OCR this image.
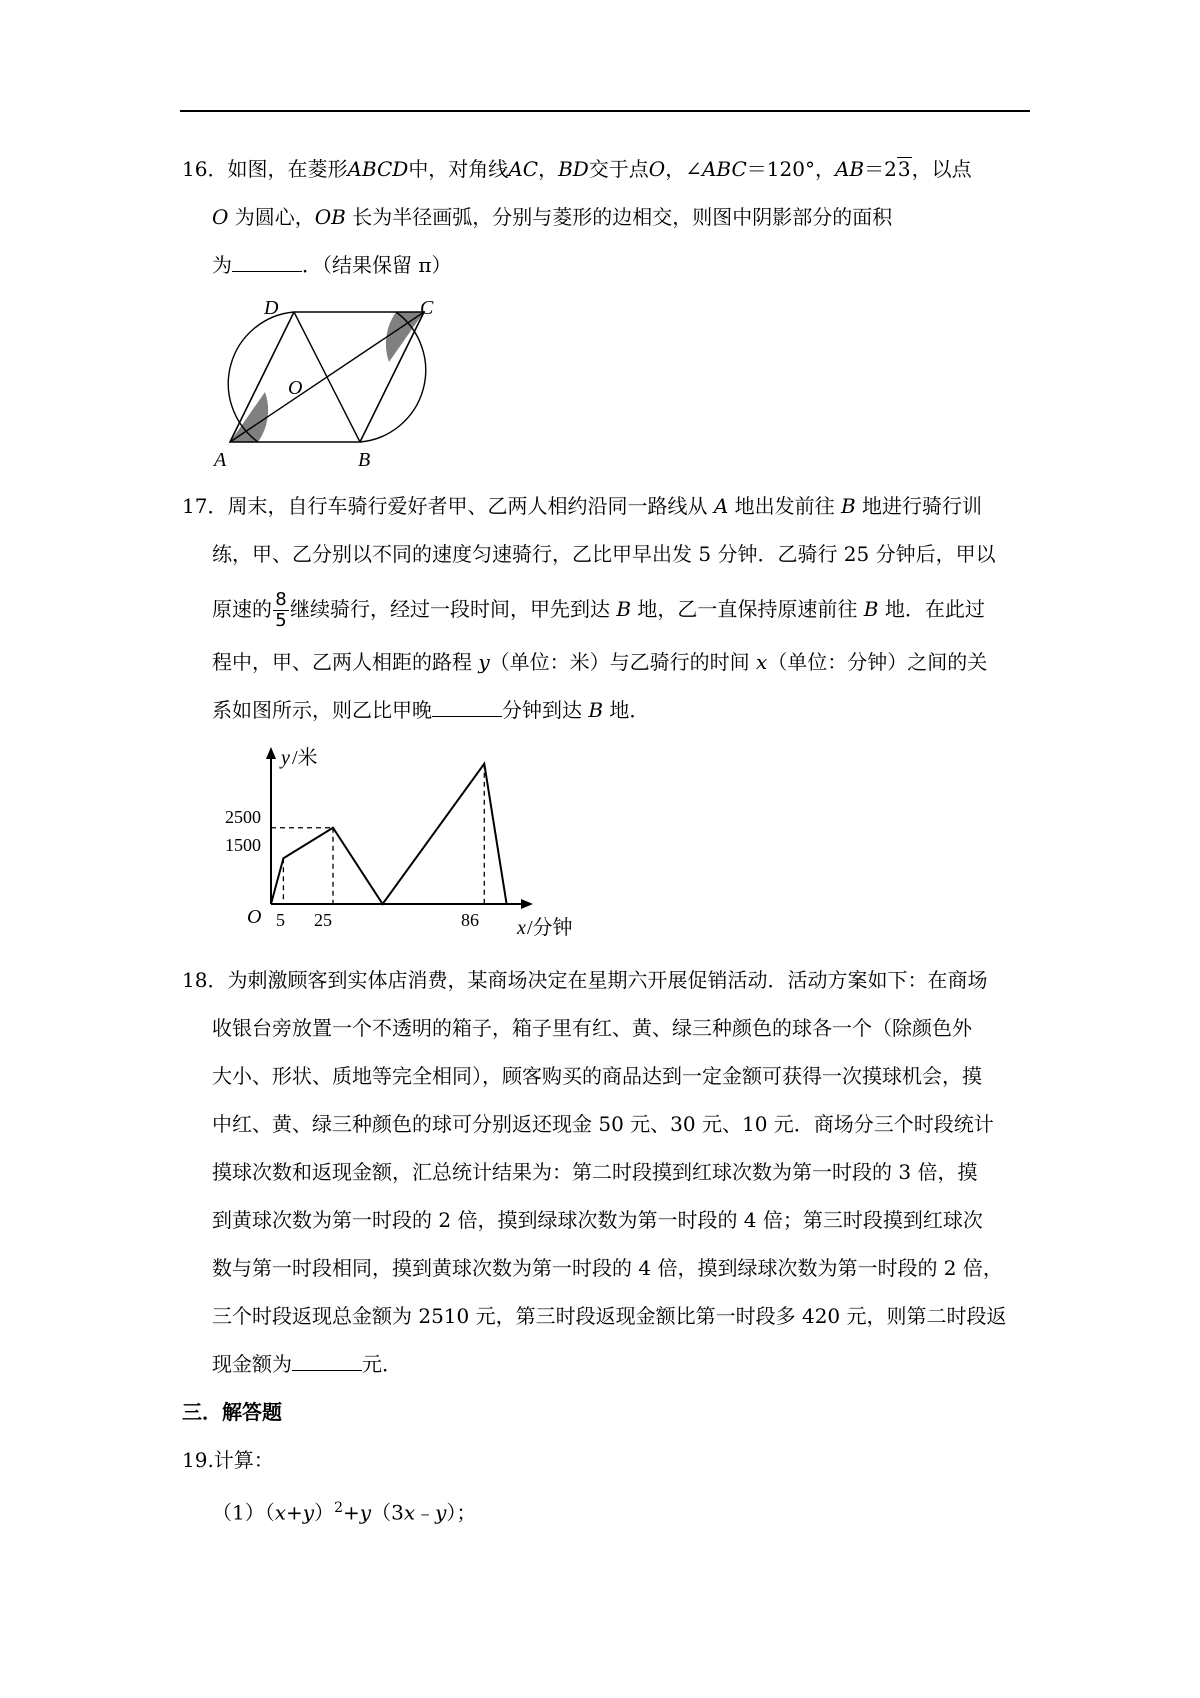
16．如图，在菱形ABCD中，对角线AC，BD交于点O，∠ABC＝120°，AB＝23，以点
O 为圆心，OB 长为半径画弧，分别与菱形的边相交，则图中阴影部分的面积
为	．（结果保留 π）
D	C
O
A	B
17．周末，自行车骑行爱好者甲、乙两人相约沿同一路线从 A 地出发前往 B 地进行骑行训
练，甲、乙分别以不同的速度匀速骑行，乙比甲早出发 5 分钟．乙骑行 25 分钟后，甲以
原速的 $\frac{8}{5}$ 继续骑行，经过一段时间，甲先到达 B 地，乙一直保持原速前往 B 地．在此过
程中，甲、乙两人相距的路程 y（单位：米）与乙骑行的时间 x（单位：分钟）之间的关
系如图所示，则乙比甲晚	分钟到达 B 地．
y /米
x /分钟
O
2500
1500
5 25	86
18．为刺激顾客到实体店消费，某商场决定在星期六开展促销活动．活动方案如下：在商场
收银台旁放置一个不透明的箱子，箱子里有红、黄、绿三种颜色的球各一个（除颜色外
大小、形状、质地等完全相同），顾客购买的商品达到一定金额可获得一次摸球机会，摸
中红、黄、绿三种颜色的球可分别返还现金 50 元、30 元、10 元．商场分三个时段统计
摸球次数和返现金额，汇总统计结果为：第二时段摸到红球次数为第一时段的 3 倍，摸
到黄球次数为第一时段的 2 倍，摸到绿球次数为第一时段的 4 倍；第三时段摸到红球次
数与第一时段相同，摸到黄球次数为第一时段的 4 倍，摸到绿球次数为第一时段的 2 倍，
三个时段返现总金额为 2510 元，第三时段返现金额比第一时段多 420 元，则第二时段返
现金额为	元．
三．解答题
19.计算：
$(1)(x+y)^2+y(3x﹣y)$；
